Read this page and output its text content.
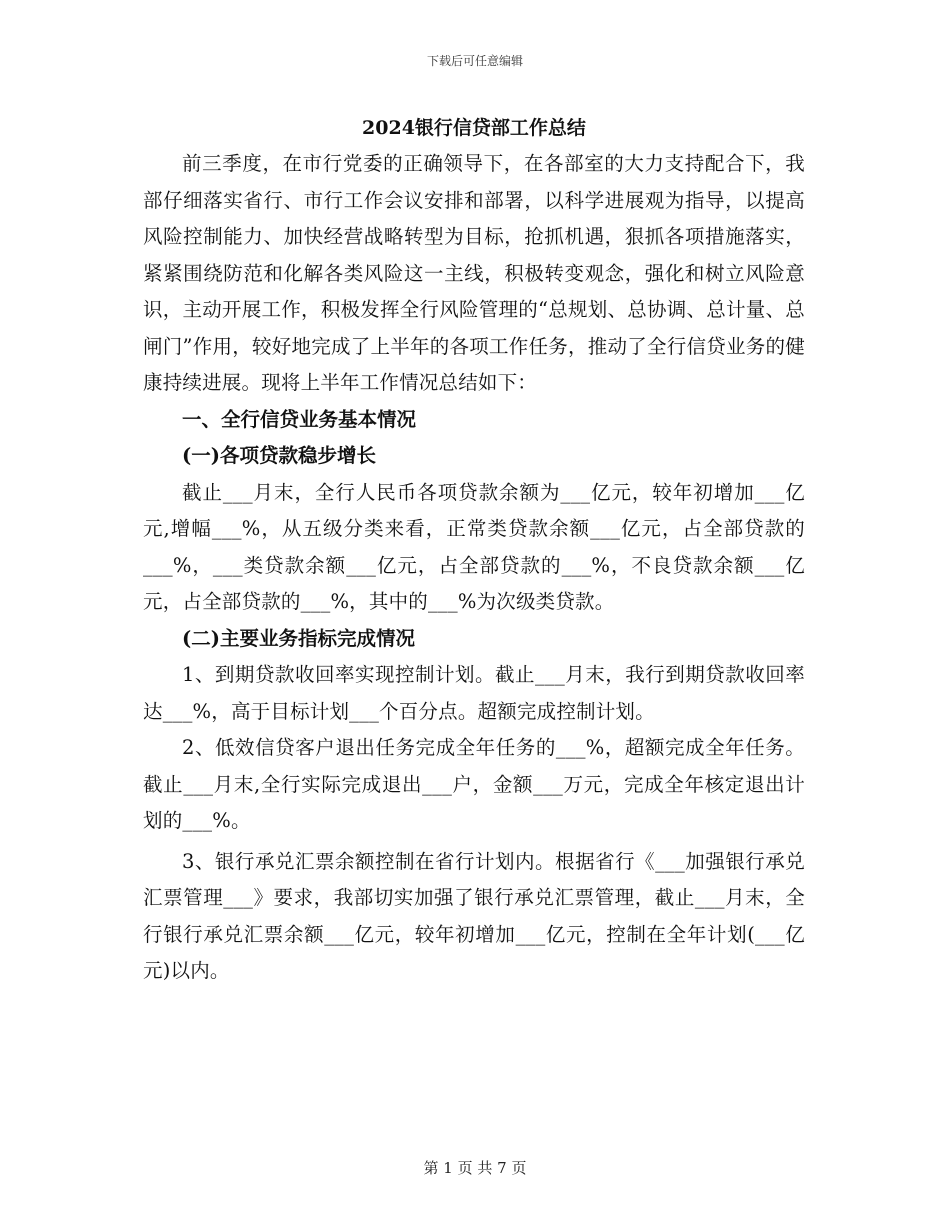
下载后可任意编辑
2024银行信贷部工作总结

前三季度，在市行党委的正确领导下，在各部室的大力支持配合下，我部仔细落实省行、市行工作会议安排和部署，以科学进展观为指导，以提高风险控制能力、加快经营战略转型为目标，抢抓机遇，狠抓各项措施落实，紧紧围绕防范和化解各类风险这一主线，积极转变观念，强化和树立风险意识，主动开展工作，积极发挥全行风险管理的“总规划、总协调、总计量、总闸门”作用，较好地完成了上半年的各项工作任务，推动了全行信贷业务的健康持续进展。现将上半年工作情况总结如下：

一、全行信贷业务基本情况

(一)各项贷款稳步增长

截止___月末，全行人民币各项贷款余额为___亿元，较年初增加___亿元,增幅___%，从五级分类来看，正常类贷款余额___亿元，占全部贷款的___%，___类贷款余额___亿元，占全部贷款的___%，不良贷款余额___亿元，占全部贷款的___%，其中的___%为次级类贷款。

(二)主要业务指标完成情况

1、到期贷款收回率实现控制计划。截止___月末，我行到期贷款收回率达___%，高于目标计划___个百分点。超额完成控制计划。

2、低效信贷客户退出任务完成全年任务的___%，超额完成全年任务。截止___月末,全行实际完成退出___户，金额___万元，完成全年核定退出计划的___%。

3、银行承兑汇票余额控制在省行计划内。根据省行《___加强银行承兑汇票管理___》要求，我部切实加强了银行承兑汇票管理，截止___月末，全行银行承兑汇票余额___亿元，较年初增加___亿元，控制在全年计划(___亿元)以内。

第 1 页 共 7 页
